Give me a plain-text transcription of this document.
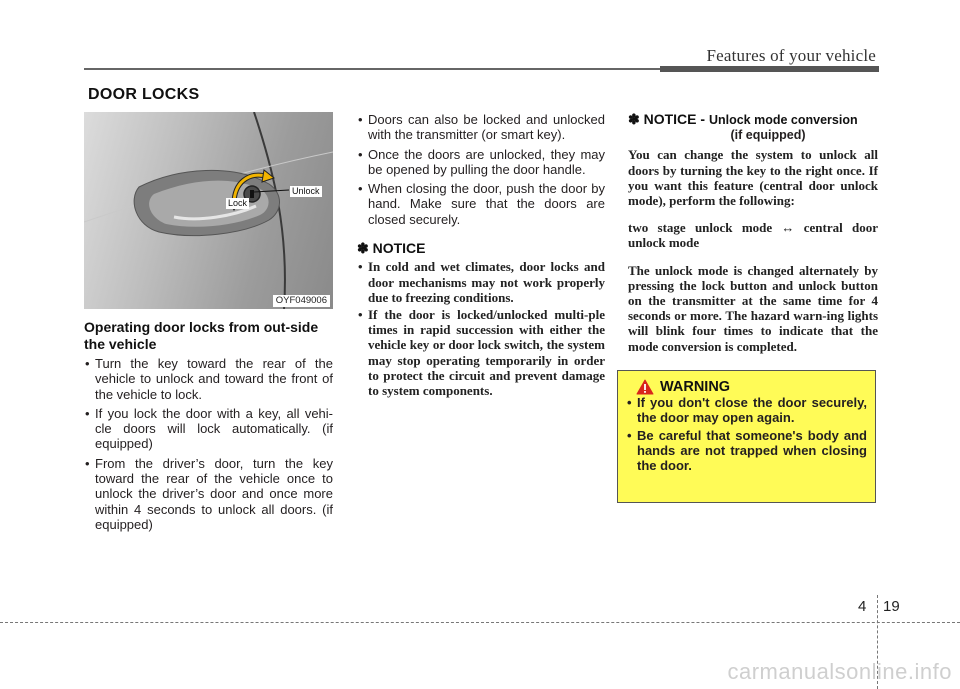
Features of your vehicle
DOOR LOCKS
Lock
Unlock
OYF049006
Operating door locks from out-side the vehicle
• Turn the key toward the rear of the vehicle to unlock and toward the front of the vehicle to lock.
• If you lock the door with a key, all vehi-cle doors will lock automatically. (if equipped)
• From the driver’s door, turn the key toward the rear of the vehicle once to unlock the driver’s door and once more within 4 seconds to unlock all doors. (if equipped)
• Doors can also be locked and unlocked with the transmitter (or smart key).
• Once the doors are unlocked, they may be opened by pulling the door handle.
• When closing the door, push the door by hand. Make sure that the doors are closed securely.
✽ NOTICE
• In cold and wet climates, door locks and door mechanisms may not work properly due to freezing conditions.
• If the door is locked/unlocked multi-ple times in rapid succession with either the vehicle key or door lock switch, the system may stop operating temporarily in order to protect the circuit and prevent damage to system components.
✽ NOTICE - Unlock mode conversion
(if equipped)

You can change the system to unlock all doors by turning the key to the right once. If you want this feature (central door unlock mode), perform the following:

two stage unlock mode ↔ central door unlock mode

The unlock mode is changed alternately by pressing the lock button and unlock button on the transmitter at the same time for 4 seconds or more. The hazard warn-ing lights will blink four times to indicate that the mode conversion is completed.

WARNING
• If you don't close the door securely, the door may open again.
• Be careful that someone's body and hands are not trapped when closing the door.
4 19
carmanualsonline.info
